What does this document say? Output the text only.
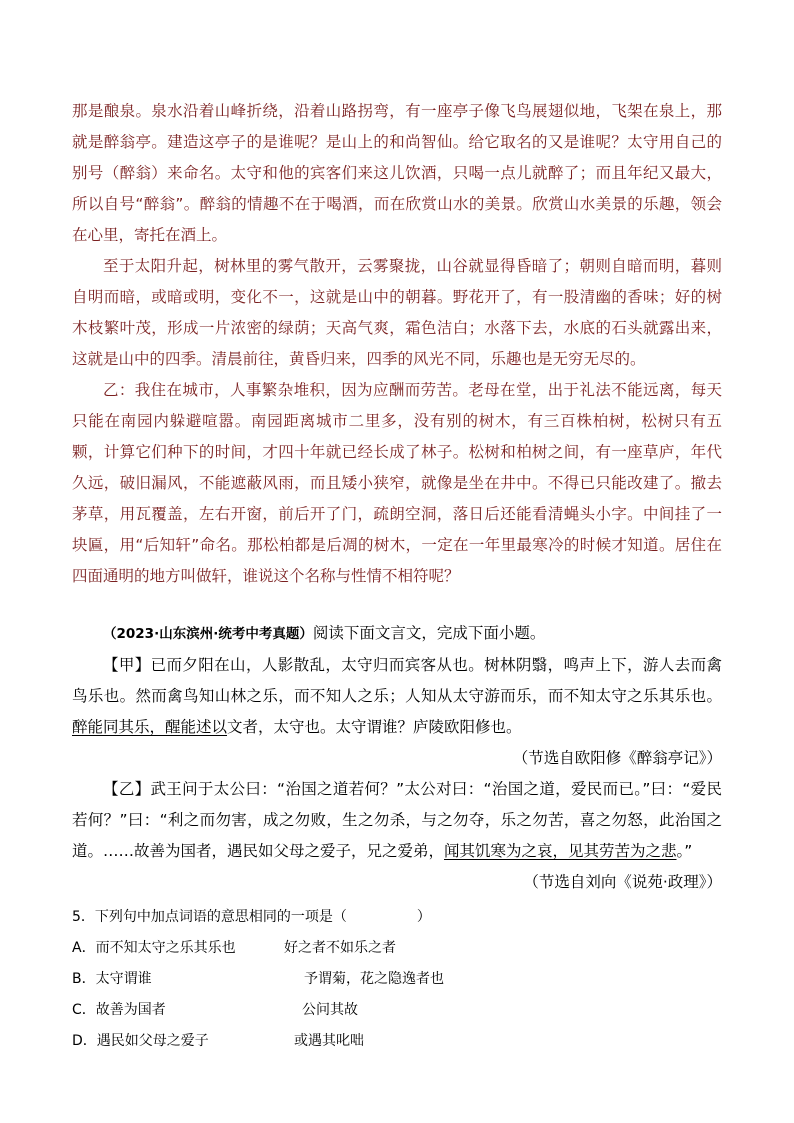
那是酿泉。泉水沿着山峰折绕，沿着山路拐弯，有一座亭子像飞鸟展翅似地，飞架在泉上，那就是醉翁亭。建造这亭子的是谁呢？是山上的和尚智仙。给它取名的又是谁呢？太守用自己的别号（醉翁）来命名。太守和他的宾客们来这儿饮酒，只喝一点儿就醉了；而且年纪又最大，所以自号“醉翁”。醉翁的情趣不在于喝酒，而在欣赏山水的美景。欣赏山水美景的乐趣，领会在心里，寄托在酒上。

至于太阳升起，树林里的雾气散开，云雾聚拢，山谷就显得昏暗了；朝则自暗而明，暮则自明而暗，或暗或明，变化不一，这就是山中的朝暮。野花开了，有一股清幽的香味；好的树木枝繁叶茂，形成一片浓密的绿荫；天高气爽，霜色洁白；水落下去，水底的石头就露出来，这就是山中的四季。清晨前往，黄昏归来，四季的风光不同，乐趣也是无穷无尽的。

乙：我住在城市，人事繁杂堆积，因为应酬而劳苦。老母在堂，出于礼法不能远离，每天只能在南园内躲避喧嚣。南园距离城市二里多，没有别的树木，有三百株柏树，松树只有五颗，计算它们种下的时间，才四十年就已经长成了林子。松树和柏树之间，有一座草庐，年代久远，破旧漏风，不能遮蔽风雨，而且矮小狭窄，就像是坐在井中。不得已只能改建了。撤去茅草，用瓦覆盖，左右开窗，前后开了门，疏朗空洞，落日后还能看清蝇头小字。中间挂了一块匾，用“后知轩”命名。那松柏都是后凋的树木，一定在一年里最寒冷的时候才知道。居住在四面通明的地方叫做轩，谁说这个名称与性情不相符呢？

（2023·山东滨州·统考中考真题）阅读下面文言文，完成下面小题。

【甲】已而夕阳在山，人影散乱，太守归而宾客从也。树林阴翳，鸣声上下，游人去而禽鸟乐也。然而禽鸟知山林之乐，而不知人之乐；人知从太守游而乐，而不知太守之乐其乐也。醉能同其乐，醒能述以文者，太守也。太守谓谁？庐陵欧阳修也。

（节选自欧阳修《醉翁亭记》）

【乙】武王问于太公曰：“治国之道若何？”太公对曰：“治国之道，爱民而已。”曰：“爱民若何？”曰：“利之而勿害，成之勿败，生之勿杀，与之勿夺，乐之勿苦，喜之勿怒，此治国之道。……故善为国者，遇民如父母之爱子，兄之爱弟，闻其饥寒为之哀，见其劳苦为之悲。”

（节选自刘向《说苑·政理》）

5．下列句中加点词语的意思相同的一项是（	）

A．而不知太守之乐其乐也	好之者不如乐之者
B．太守谓谁	予谓菊，花之隐逸者也
C．故善为国者	公问其故
D．遇民如父母之爱子	或遇其叱咄
